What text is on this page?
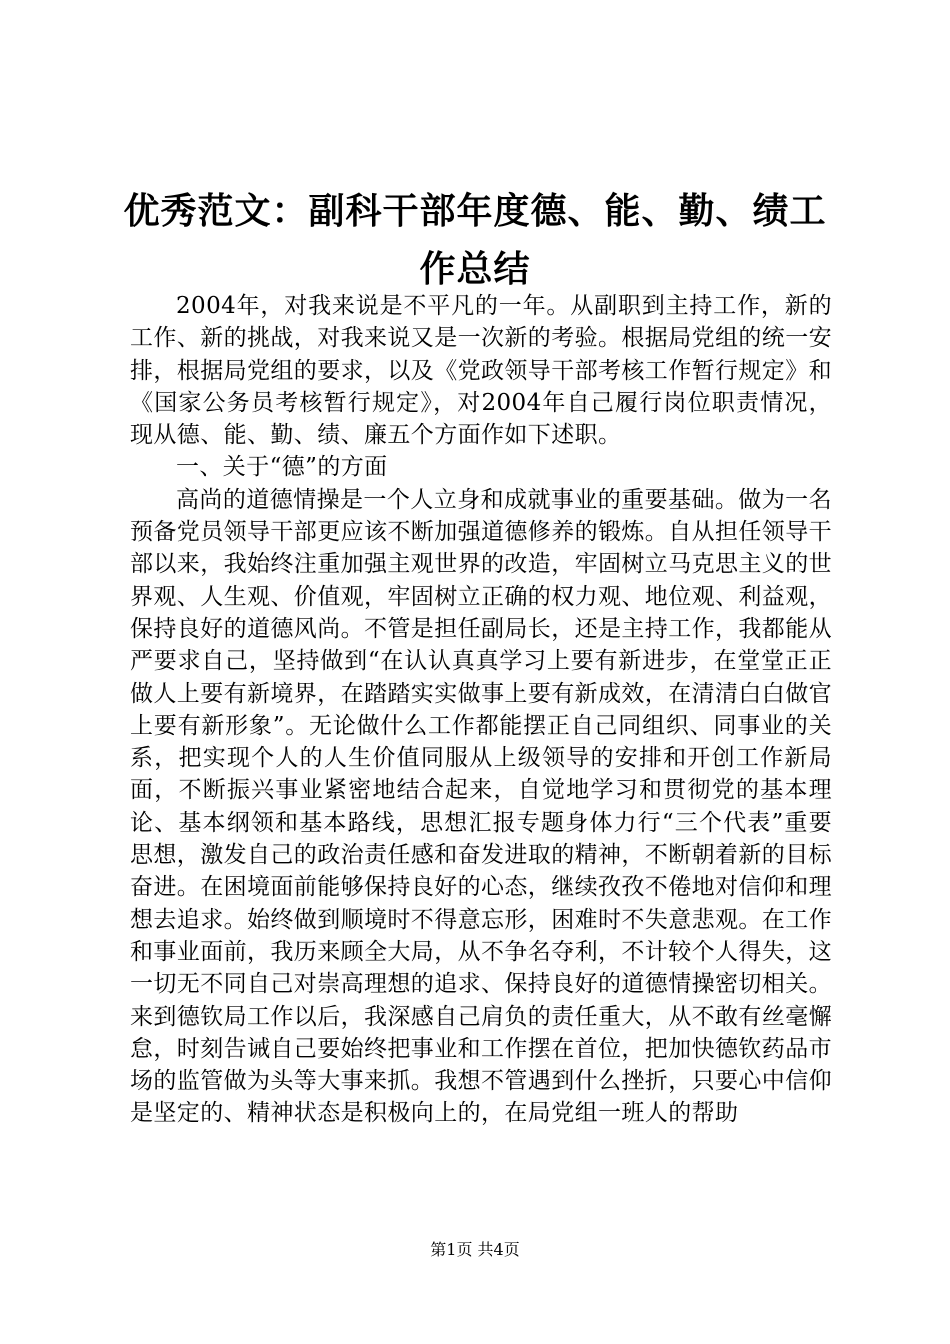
优秀范文：副科干部年度德、能、勤、绩工作总结

2004年，对我来说是不平凡的一年。从副职到主持工作，新的工作、新的挑战，对我来说又是一次新的考验。根据局党组的统一安排，根据局党组的要求，以及《党政领导干部考核工作暂行规定》和《国家公务员考核暂行规定》，对2004年自己履行岗位职责情况，现从德、能、勤、绩、廉五个方面作如下述职。

一、关于“德”的方面

高尚的道德情操是一个人立身和成就事业的重要基础。做为一名预备党员领导干部更应该不断加强道德修养的锻炼。自从担任领导干部以来，我始终注重加强主观世界的改造，牢固树立马克思主义的世界观、人生观、价值观，牢固树立正确的权力观、地位观、利益观，保持良好的道德风尚。不管是担任副局长，还是主持工作，我都能从严要求自己，坚持做到“在认认真真学习上要有新进步，在堂堂正正做人上要有新境界，在踏踏实实做事上要有新成效，在清清白白做官上要有新形象”。无论做什么工作都能摆正自己同组织、同事业的关系，把实现个人的人生价值同服从上级领导的安排和开创工作新局面，不断振兴事业紧密地结合起来，自觉地学习和贯彻党的基本理论、基本纲领和基本路线，思想汇报专题身体力行“三个代表”重要思想，激发自己的政治责任感和奋发进取的精神，不断朝着新的目标奋进。在困境面前能够保持良好的心态，继续孜孜不倦地对信仰和理想去追求。始终做到顺境时不得意忘形，困难时不失意悲观。在工作和事业面前，我历来顾全大局，从不争名夺利，不计较个人得失，这一切无不同自己对崇高理想的追求、保持良好的道德情操密切相关。来到德钦局工作以后，我深感自己肩负的责任重大，从不敢有丝毫懈怠，时刻告诫自己要始终把事业和工作摆在首位，把加快德钦药品市场的监管做为头等大事来抓。我想不管遇到什么挫折，只要心中信仰是坚定的、精神状态是积极向上的，在局党组一班人的帮助

第1页 共4页
